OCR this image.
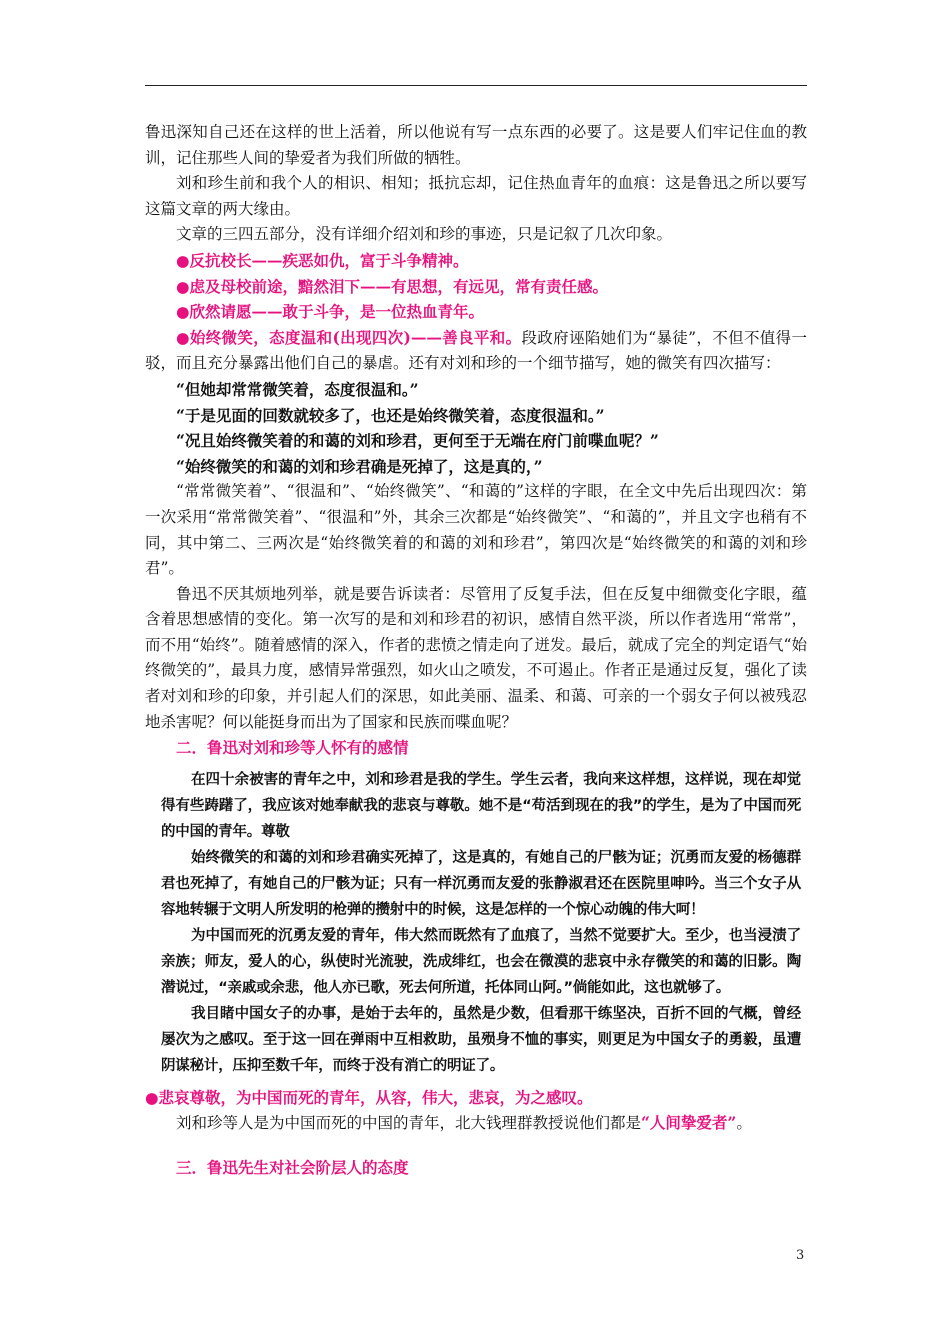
鲁迅深知自己还在这样的世上活着，所以他说有写一点东西的必要了。这是要人们牢记住血的教训，记住那些人间的挚爱者为我们所做的牺牲。

刘和珍生前和我个人的相识、相知；抵抗忘却，记住热血青年的血痕：这是鲁迅之所以要写这篇文章的两大缘由。

文章的三四五部分，没有详细介绍刘和珍的事迹，只是记叙了几次印象。

●反抗校长——疾恶如仇，富于斗争精神。

●虑及母校前途，黯然泪下——有思想，有远见，常有责任感。

●欣然请愿——敢于斗争，是一位热血青年。

●始终微笑，态度温和(出现四次)——善良平和。段政府诬陷她们为“暴徒”，不但不值得一驳，而且充分暴露出他们自己的暴虐。还有对刘和珍的一个细节描写，她的微笑有四次描写：

“但她却常常微笑着，态度很温和。”

“于是见面的回数就较多了，也还是始终微笑着，态度很温和。”

“况且始终微笑着的和蔼的刘和珍君，更何至于无端在府门前喋血呢？”

“始终微笑的和蔼的刘和珍君确是死掉了，这是真的，”

“常常微笑着”、“很温和”、“始终微笑”、“和蔼的”这样的字眼，在全文中先后出现四次：第一次采用“常常微笑着”、“很温和”外，其余三次都是“始终微笑”、“和蔼的”，并且文字也稍有不同，其中第二、三两次是“始终微笑着的和蔼的刘和珍君”，第四次是“始终微笑的和蔼的刘和珍君”。

鲁迅不厌其烦地列举，就是要告诉读者：尽管用了反复手法，但在反复中细微变化字眼，蕴含着思想感情的变化。第一次写的是和刘和珍君的初识，感情自然平淡，所以作者选用“常常”，而不用“始终”。随着感情的深入，作者的悲愤之情走向了迸发。最后，就成了完全的判定语气“始终微笑的”，最具力度，感情异常强烈，如火山之喷发，不可遏止。作者正是通过反复，强化了读者对刘和珍的印象，并引起人们的深思，如此美丽、温柔、和蔼、可亲的一个弱女子何以被残忍地杀害呢？何以能挺身而出为了国家和民族而喋血呢？

二．鲁迅对刘和珍等人怀有的感情

在四十余被害的青年之中，刘和珍君是我的学生。学生云者，我向来这样想，这样说，现在却觉得有些踌躇了，我应该对她奉献我的悲哀与尊敬。她不是“苟活到现在的我”的学生，是为了中国而死的中国的青年。尊敬

始终微笑的和蔼的刘和珍君确实死掉了，这是真的，有她自己的尸骸为证；沉勇而友爱的杨德群君也死掉了，有她自己的尸骸为证；只有一样沉勇而友爱的张静淑君还在医院里呻吟。当三个女子从容地转辗于文明人所发明的枪弹的攒射中的时候，这是怎样的一个惊心动魄的伟大呵！

为中国而死的沉勇友爱的青年，伟大然而既然有了血痕了，当然不觉要扩大。至少，也当浸渍了亲族；师友，爱人的心，纵使时光流驶，洗成绯红，也会在微漠的悲哀中永存微笑的和蔼的旧影。陶潜说过，“亲戚或余悲，他人亦已歌，死去何所道，托体同山阿。”倘能如此，这也就够了。

我目睹中国女子的办事，是始于去年的，虽然是少数，但看那干练坚决，百折不回的气概，曾经屡次为之感叹。至于这一回在弹雨中互相救助，虽殒身不恤的事实，则更足为中国女子的勇毅，虽遭阴谋秘计，压抑至数千年，而终于没有消亡的明证了。

●悲哀尊敬，为中国而死的青年，从容，伟大，悲哀，为之感叹。

刘和珍等人是为中国而死的中国的青年，北大钱理群教授说他们都是“人间挚爱者”。

三．鲁迅先生对社会阶层人的态度

3
